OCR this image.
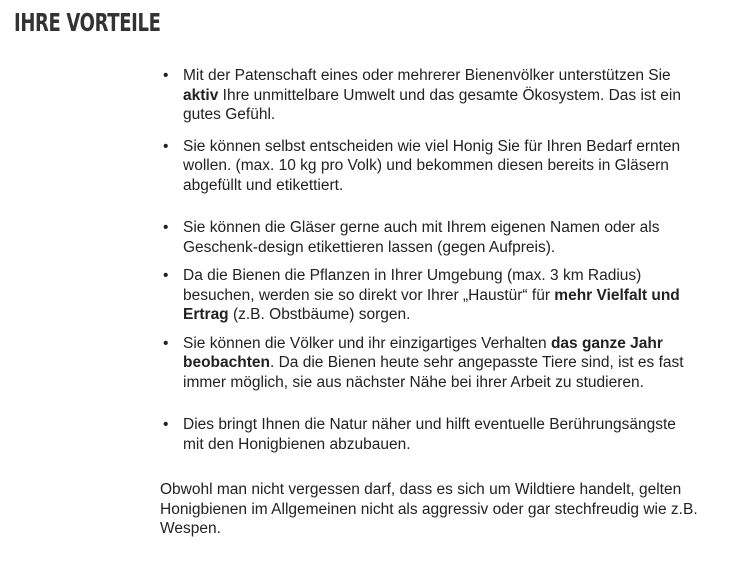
IHRE VORTEILE
• Mit der Patenschaft eines oder mehrerer Bienenvölker unterstützen Sie aktiv Ihre unmittelbare Umwelt und das gesamte Ökosystem. Das ist ein gutes Gefühl.
• Sie können selbst entscheiden wie viel Honig Sie für Ihren Bedarf ernten wollen. (max. 10 kg pro Volk) und bekommen diesen bereits in Gläsern abgefüllt und etikettiert.
• Sie können die Gläser gerne auch mit Ihrem eigenen Namen oder als Geschenk-design etikettieren lassen (gegen Aufpreis).
• Da die Bienen die Pflanzen in Ihrer Umgebung (max. 3 km Radius) besuchen, werden sie so direkt vor Ihrer „Haustür“ für mehr Vielfalt und Ertrag (z.B. Obstbäume) sorgen.
• Sie können die Völker und ihr einzigartiges Verhalten das ganze Jahr beobachten. Da die Bienen heute sehr angepasste Tiere sind, ist es fast immer möglich, sie aus nächster Nähe bei ihrer Arbeit zu studieren.
• Dies bringt Ihnen die Natur näher und hilft eventuelle Berührungsängste mit den Honigbienen abzubauen.

Obwohl man nicht vergessen darf, dass es sich um Wildtiere handelt, gelten Honigbienen im Allgemeinen nicht als aggressiv oder gar stechfreudig wie z.B. Wespen.
